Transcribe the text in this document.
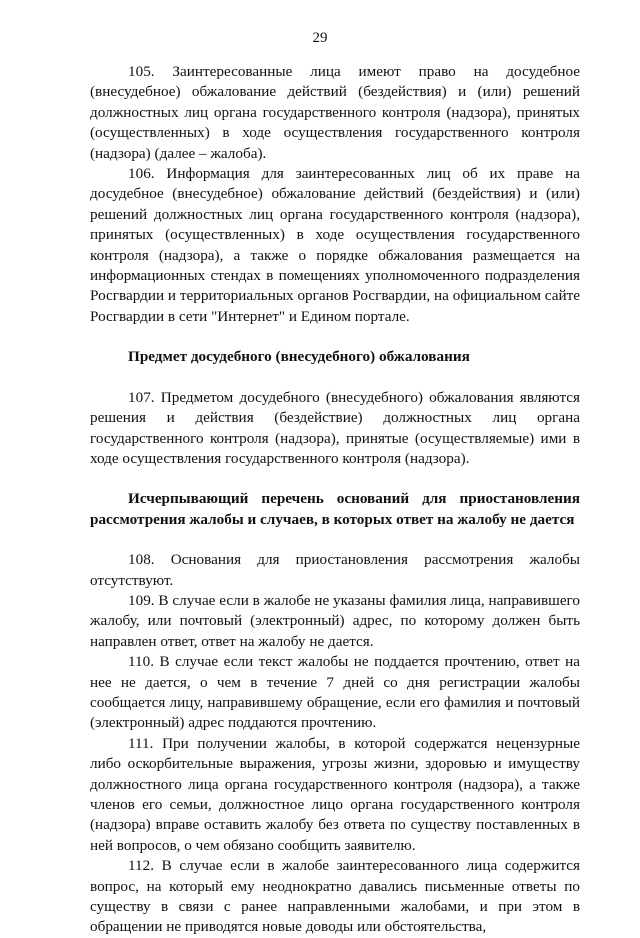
29

105. Заинтересованные лица имеют право на досудебное (внесудебное) обжалование действий (бездействия) и (или) решений должностных лиц органа государственного контроля (надзора), принятых (осуществленных) в ходе осуществления государственного контроля (надзора) (далее – жалоба).

106. Информация для заинтересованных лиц об их праве на досудебное (внесудебное) обжалование действий (бездействия) и (или) решений должностных лиц органа государственного контроля (надзора), принятых (осуществленных) в ходе осуществления государственного контроля (надзора), а также о порядке обжалования размещается на информационных стендах в помещениях уполномоченного подразделения Росгвардии и территориальных органов Росгвардии, на официальном сайте Росгвардии в сети "Интернет" и Едином портале.

Предмет досудебного (внесудебного) обжалования

107. Предметом досудебного (внесудебного) обжалования являются решения и действия (бездействие) должностных лиц органа государственного контроля (надзора), принятые (осуществляемые) ими в ходе осуществления государственного контроля (надзора).

Исчерпывающий перечень оснований для приостановления рассмотрения жалобы и случаев, в которых ответ на жалобу не дается

108. Основания для приостановления рассмотрения жалобы отсутствуют.

109. В случае если в жалобе не указаны фамилия лица, направившего жалобу, или почтовый (электронный) адрес, по которому должен быть направлен ответ, ответ на жалобу не дается.

110. В случае если текст жалобы не поддается прочтению, ответ на нее не дается, о чем в течение 7 дней со дня регистрации жалобы сообщается лицу, направившему обращение, если его фамилия и почтовый (электронный) адрес поддаются прочтению.

111. При получении жалобы, в которой содержатся нецензурные либо оскорбительные выражения, угрозы жизни, здоровью и имуществу должностного лица органа государственного контроля (надзора), а также членов его семьи, должностное лицо органа государственного контроля (надзора) вправе оставить жалобу без ответа по существу поставленных в ней вопросов, о чем обязано сообщить заявителю.

112. В случае если в жалобе заинтересованного лица содержится вопрос, на который ему неоднократно давались письменные ответы по существу в связи с ранее направленными жалобами, и при этом в обращении не приводятся новые доводы или обстоятельства,
